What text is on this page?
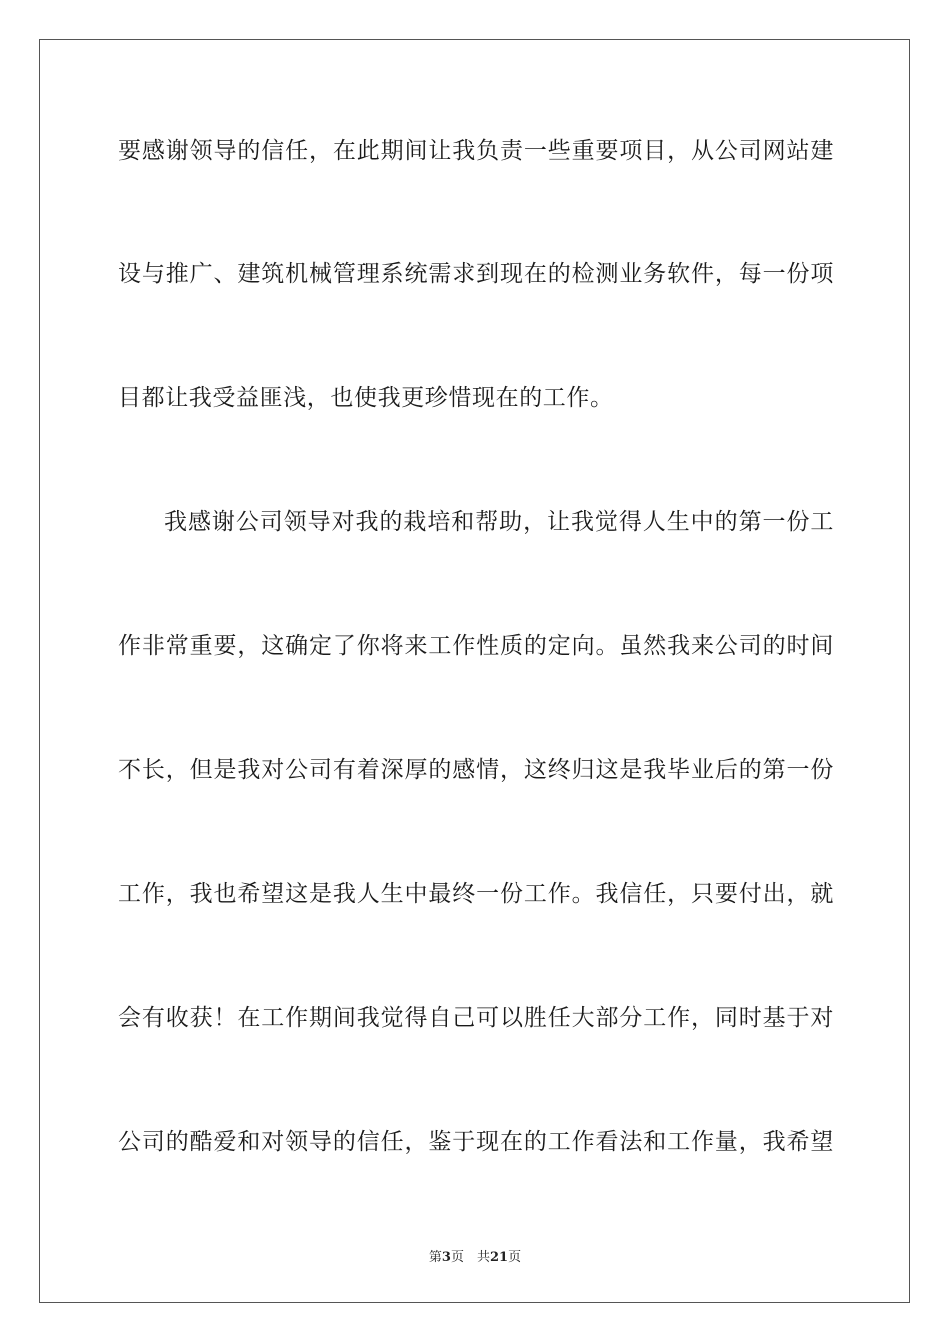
要感谢领导的信任，在此期间让我负责一些重要项目，从公司网站建
设与推广、建筑机械管理系统需求到现在的检测业务软件，每一份项
目都让我受益匪浅，也使我更珍惜现在的工作。
我感谢公司领导对我的栽培和帮助，让我觉得人生中的第一份工
作非常重要，这确定了你将来工作性质的定向。虽然我来公司的时间
不长，但是我对公司有着深厚的感情，这终归这是我毕业后的第一份
工作，我也希望这是我人生中最终一份工作。我信任，只要付出，就
会有收获！在工作期间我觉得自己可以胜任大部分工作，同时基于对
公司的酷爱和对领导的信任，鉴于现在的工作看法和工作量，我希望
第3页　共21页
